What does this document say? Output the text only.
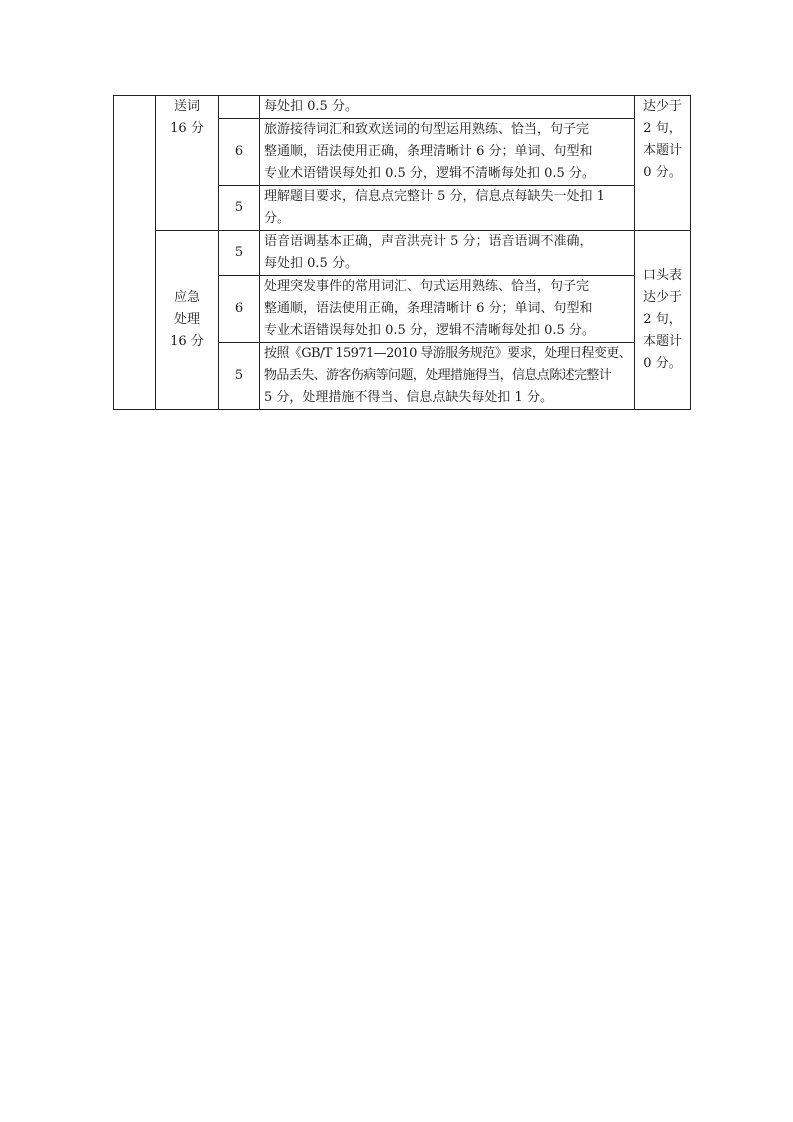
	送词
16 分		每处扣 0.5 分。	达少于
2 句，
本题计
0 分。

		6	旅游接待词汇和致欢送词的句型运用熟练、恰当，句子完
整通顺，语法使用正确，条理清晰计 6 分；单词、句型和
专业术语错误每处扣 0.5 分，逻辑不清晰每处扣 0.5 分。	

		5	理解题目要求，信息点完整计 5 分，信息点每缺失一处扣 1
分。	

	应急
处理
16 分	5	语音语调基本正确，声音洪亮计 5 分；语音语调不准确，
每处扣 0.5 分。	口头表
达少于
2 句，
本题计
0 分。

		6	处理突发事件的常用词汇、句式运用熟练、恰当，句子完
整通顺，语法使用正确，条理清晰计 6 分；单词、句型和
专业术语错误每处扣 0.5 分，逻辑不清晰每处扣 0.5 分。	

		5	按照《GB/T 15971—2010 导游服务规范》要求，处理日程变更、
物品丢失、游客伤病等问题，处理措施得当，信息点陈述完整计
5 分，处理措施不得当、信息点缺失每处扣 1 分。	
